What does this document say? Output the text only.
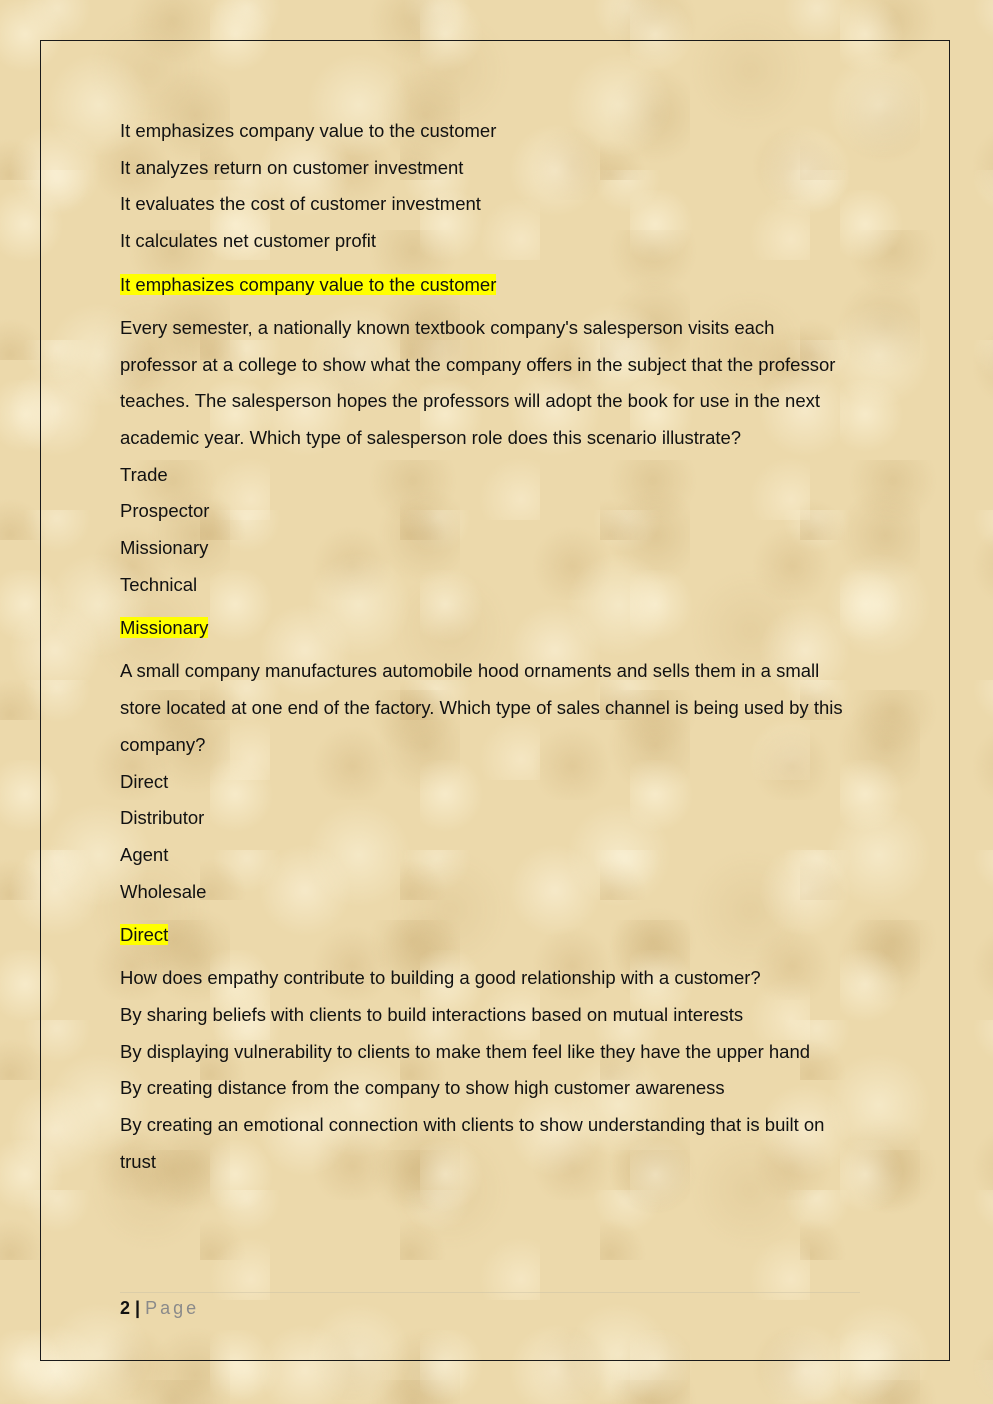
It emphasizes company value to the customer

It analyzes return on customer investment

It evaluates the cost of customer investment

It calculates net customer profit

It emphasizes company value to the customer

Every semester, a nationally known textbook company's salesperson visits each

professor at a college to show what the company offers in the subject that the professor

teaches. The salesperson hopes the professors will adopt the book for use in the next

academic year. Which type of salesperson role does this scenario illustrate?

Trade

Prospector

Missionary

Technical

Missionary

A small company manufactures automobile hood ornaments and sells them in a small

store located at one end of the factory. Which type of sales channel is being used by this

company?

Direct

Distributor

Agent

Wholesale

Direct

How does empathy contribute to building a good relationship with a customer?

By sharing beliefs with clients to build interactions based on mutual interests

By displaying vulnerability to clients to make them feel like they have the upper hand

By creating distance from the company to show high customer awareness

By creating an emotional connection with clients to show understanding that is built on

trust

2 | Page
